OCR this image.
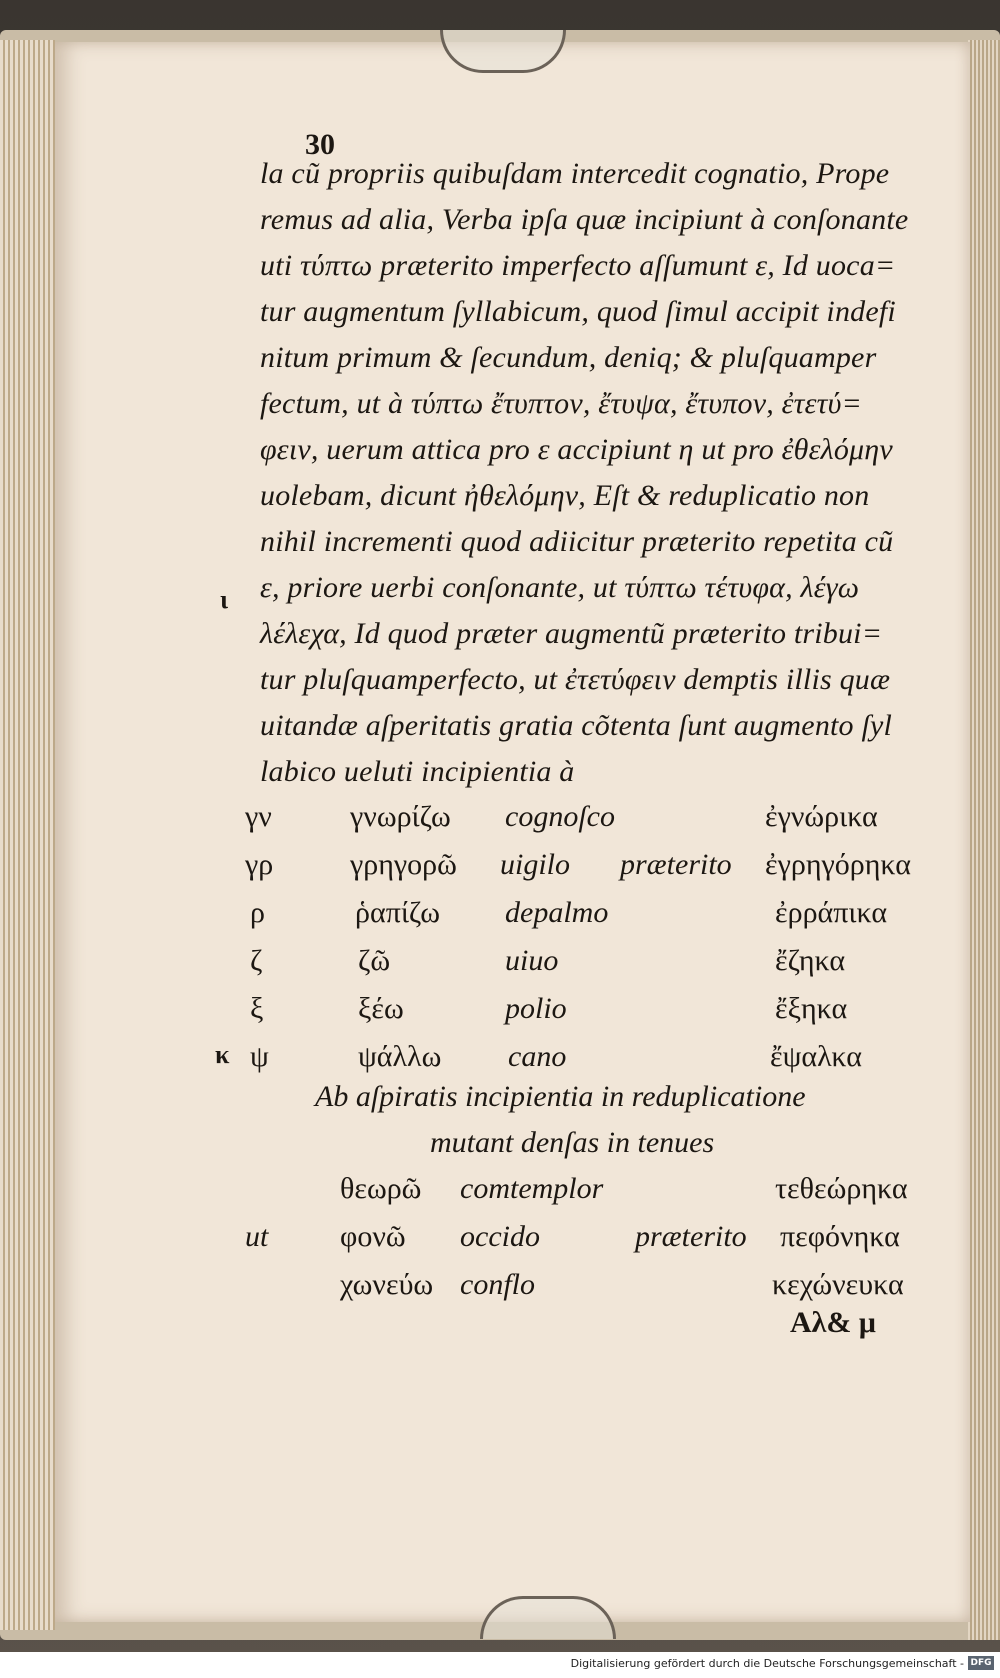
30
la cũ propriis quibuſdam intercedit cognatio, Prope
remus ad alia, Verba ipſa quæ incipiunt à conſonante
uti τύπτω præterito imperfecto aſſumunt ε, Id uoca=
tur augmentum ſyllabicum, quod ſimul accipit indefi
nitum primum & ſecundum, deniq; & pluſquamper
fectum, ut à τύπτω ἔτυπτον, ἔτυψα, ἔτυπον, ἐτετύ=
φειν, uerum attica pro ε accipiunt η ut pro ἐθελόμην
uolebam, dicunt ἠθελόμην, Eſt & reduplicatio non
nihil incrementi quod adiicitur præterito repetita cũ
ε, priore uerbi conſonante, ut τύπτω τέτυφα, λέγω
λέλεχα, Id quod præter augmentũ præterito tribui=
tur pluſquamperfecto, ut ἐτετύφειν demptis illis quæ
uitandæ aſperitatis gratia cõtenta ſunt augmento ſyl
labico ueluti incipientia à
ι
κ
γν	γνωρίζω cognoſco	ἐγνώρικα
γρ	γρηγορῶ uigilo præterito ἐγρηγόρηκα
ρ	ῥαπίζω depalmo	ἐρράπικα
ζ	ζῶ	uiuo	ἔζηκα
ξ	ξέω	polio	ἔξηκα
ψ	ψάλλω cano	ἔψαλκα
Ab aſpiratis incipientia in reduplicatione
mutant denſas in tenues
θεωρῶ comtemplor	τεθεώρηκα
ut φονῶ occido	præterito πεφόνηκα
χωνεύω conflo	κεχώνευκα
Αλ& μ
Digitalisierung gefördert durch die Deutsche Forschungsgemeinschaft - DFG
